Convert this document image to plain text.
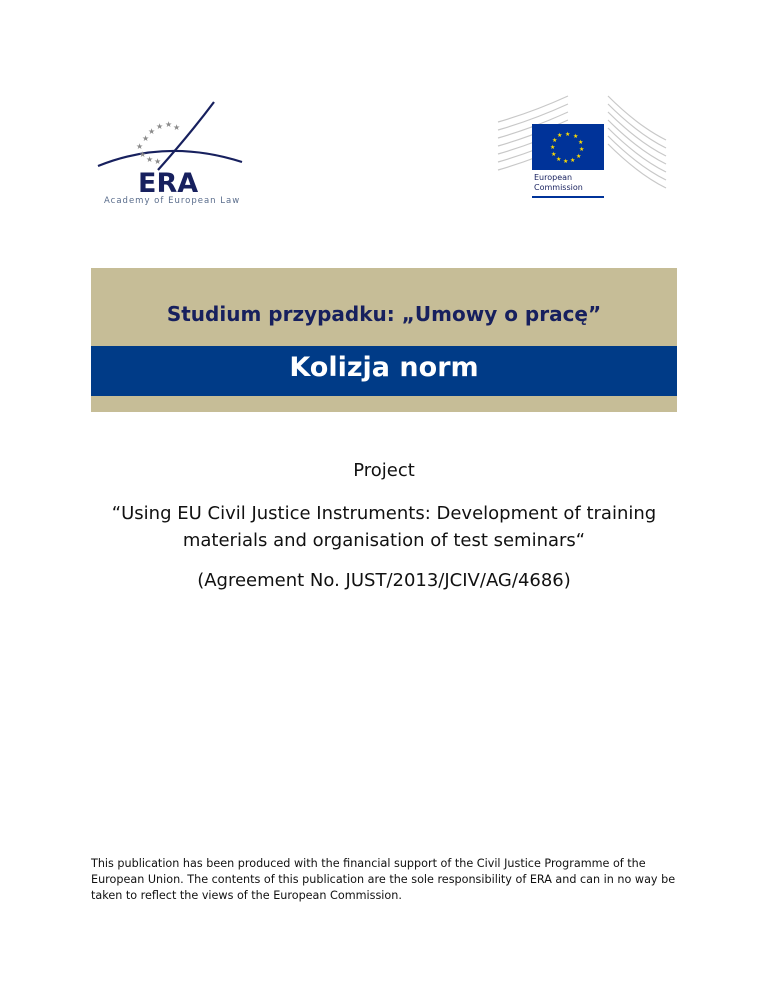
★
★
★ ★ ★
★
★
★ ★
ERA
Academy of European Law
★ ★
★
★
★
★
★
★
★
★
★
★
European
Commission
Studium przypadku: „Umowy o pracę”
Kolizja norm
Project
“Using EU Civil Justice Instruments: Development of training materials and organisation of test seminars“
(Agreement No. JUST/2013/JCIV/AG/4686)
This publication has been produced with the financial support of the Civil Justice Programme of the European Union. The contents of this publication are the sole responsibility of ERA and can in no way be taken to reflect the views of the European Commission.
